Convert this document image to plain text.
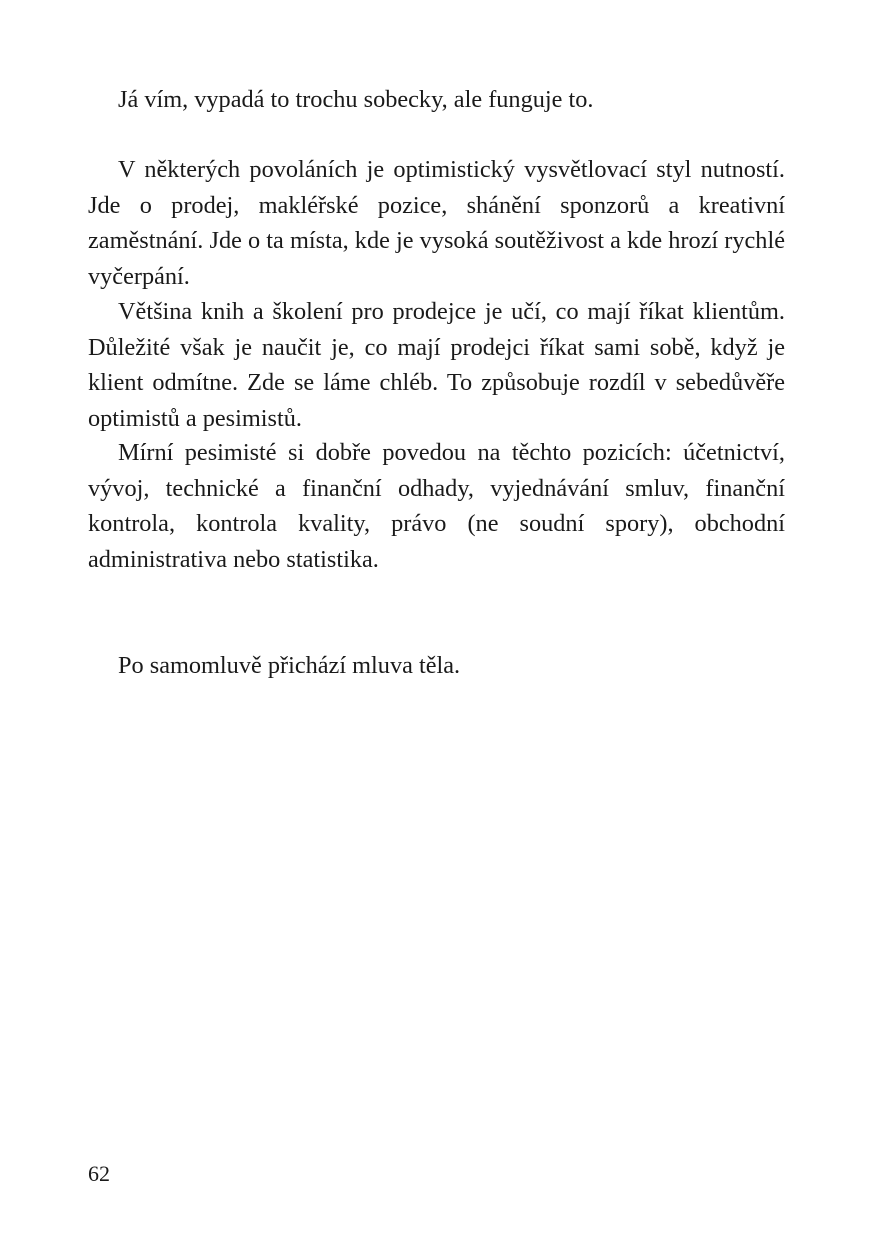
Já vím, vypadá to trochu sobecky, ale funguje to.

V některých povoláních je optimistický vysvětlovací styl nutností. Jde o prodej, makléřské pozice, shánění sponzorů a kreativní zaměstnání. Jde o ta místa, kde je vysoká soutěživost a kde hrozí rychlé vyčerpání.

Většina knih a školení pro prodejce je učí, co mají říkat klientům. Důležité však je naučit je, co mají prodejci říkat sami sobě, když je klient odmítne. Zde se láme chléb. To způsobuje rozdíl v sebedůvěře optimistů a pesimistů.

Mírní pesimisté si dobře povedou na těchto pozicích: účetnictví, vývoj, technické a finanční odhady, vyjednávání smluv, finanční kontrola, kontrola kvality, právo (ne soudní spory), obchodní administrativa nebo statistika.

Po samomluvě přichází mluva těla.

62
